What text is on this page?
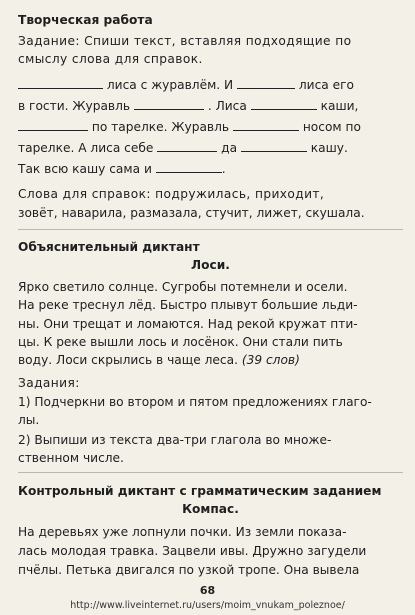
Творческая работа
Задание: Спиши текст, вставляя подходящие по
смыслу слова для справок.
лиса с журавлём. И	лиса его
в гости. Журавль	. Лиса	каши,
по тарелке. Журавль	носом по
тарелке. А лиса себе	да	кашу.
Так всю кашу сама и	.
Слова для справок: подружилась, приходит,
зовёт, наварила, размазала, стучит, лижет, скушала.
Объяснительный диктант
Лоси.
Ярко светило солнце. Сугробы потемнели и осели.
На реке треснул лёд. Быстро плывут большие льди-
ны. Они трещат и ломаются. Над рекой кружат пти-
цы. К реке вышли лось и лосёнок. Они стали пить
воду. Лоси скрылись в чаще леса. (39 слов)
Задания:
1) Подчеркни во втором и пятом предложениях глаго-
лы.
2) Выпиши из текста два-три глагола во множе-
ственном числе.
Контрольный диктант с грамматическим заданием
Компас.
На деревьях уже лопнули почки. Из земли показа-
лась молодая травка. Зацвели ивы. Дружно загудели
пчёлы. Петька двигался по узкой тропе. Она вывела
68
http://www.liveinternet.ru/users/moim_vnukam_poleznoe/
